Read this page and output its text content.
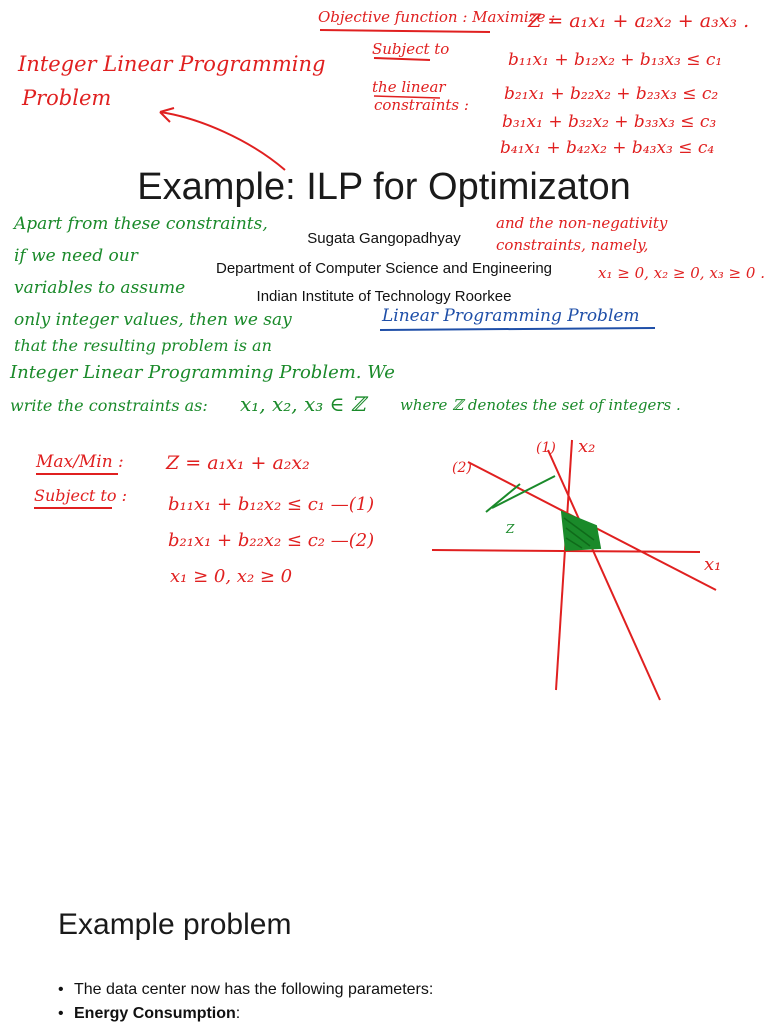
Integer Linear Programming
Problem
Objective function : Maximize :
Z = a₁x₁ + a₂x₂ + a₃x₃ .
Subject to
the linear
constraints :
b₁₁x₁ + b₁₂x₂ + b₁₃x₃ ≤ c₁
b₂₁x₁ + b₂₂x₂ + b₂₃x₃ ≤ c₂
b₃₁x₁ + b₃₂x₂ + b₃₃x₃ ≤ c₃
b₄₁x₁ + b₄₂x₂ + b₄₃x₃ ≤ c₄
Example: ILP for Optimizaton
Sugata Gangopadhyay
Department of Computer Science and Engineering
Indian Institute of Technology Roorkee
Apart from these constraints,
if we need our
variables to assume
only integer values, then we say
that the resulting problem is an
Integer Linear Programming Problem. We
write the constraints as: x₁, x₂, x₃ ∈ ℤ where ℤ denotes the set of integers .
and the non-negativity
constraints, namely,
x₁ ≥ 0, x₂ ≥ 0, x₃ ≥ 0 .
Linear Programming Problem
Max/Min :
Subject to :
Z = a₁x₁ + a₂x₂
b₁₁x₁ + b₁₂x₂ ≤ c₁ —(1)
b₂₁x₁ + b₂₂x₂ ≤ c₂ —(2)
x₁ ≥ 0, x₂ ≥ 0
x₁
x₂
(1)
(2)
Z
Example problem
• The data center now has the following parameters:
• Energy Consumption:
